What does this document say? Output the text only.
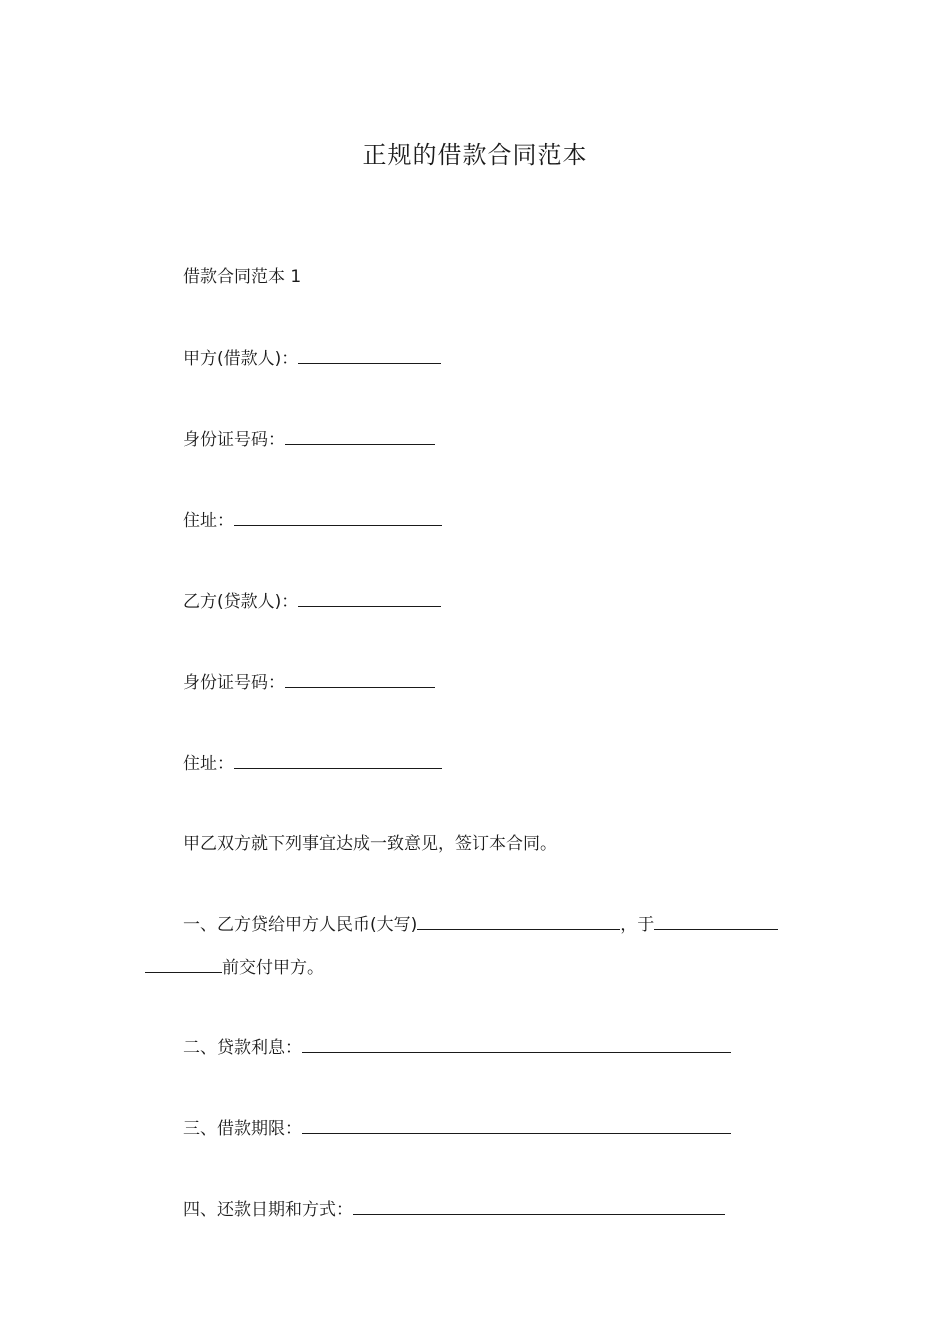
正规的借款合同范本
借款合同范本 1
甲方(借款人)：
身份证号码：
住址：
乙方(贷款人)：
身份证号码：
住址：
甲乙双方就下列事宜达成一致意见，签订本合同。
一、乙方贷给甲方人民币(大写)	，于
前交付甲方。
二、贷款利息：
三、借款期限：
四、还款日期和方式：
